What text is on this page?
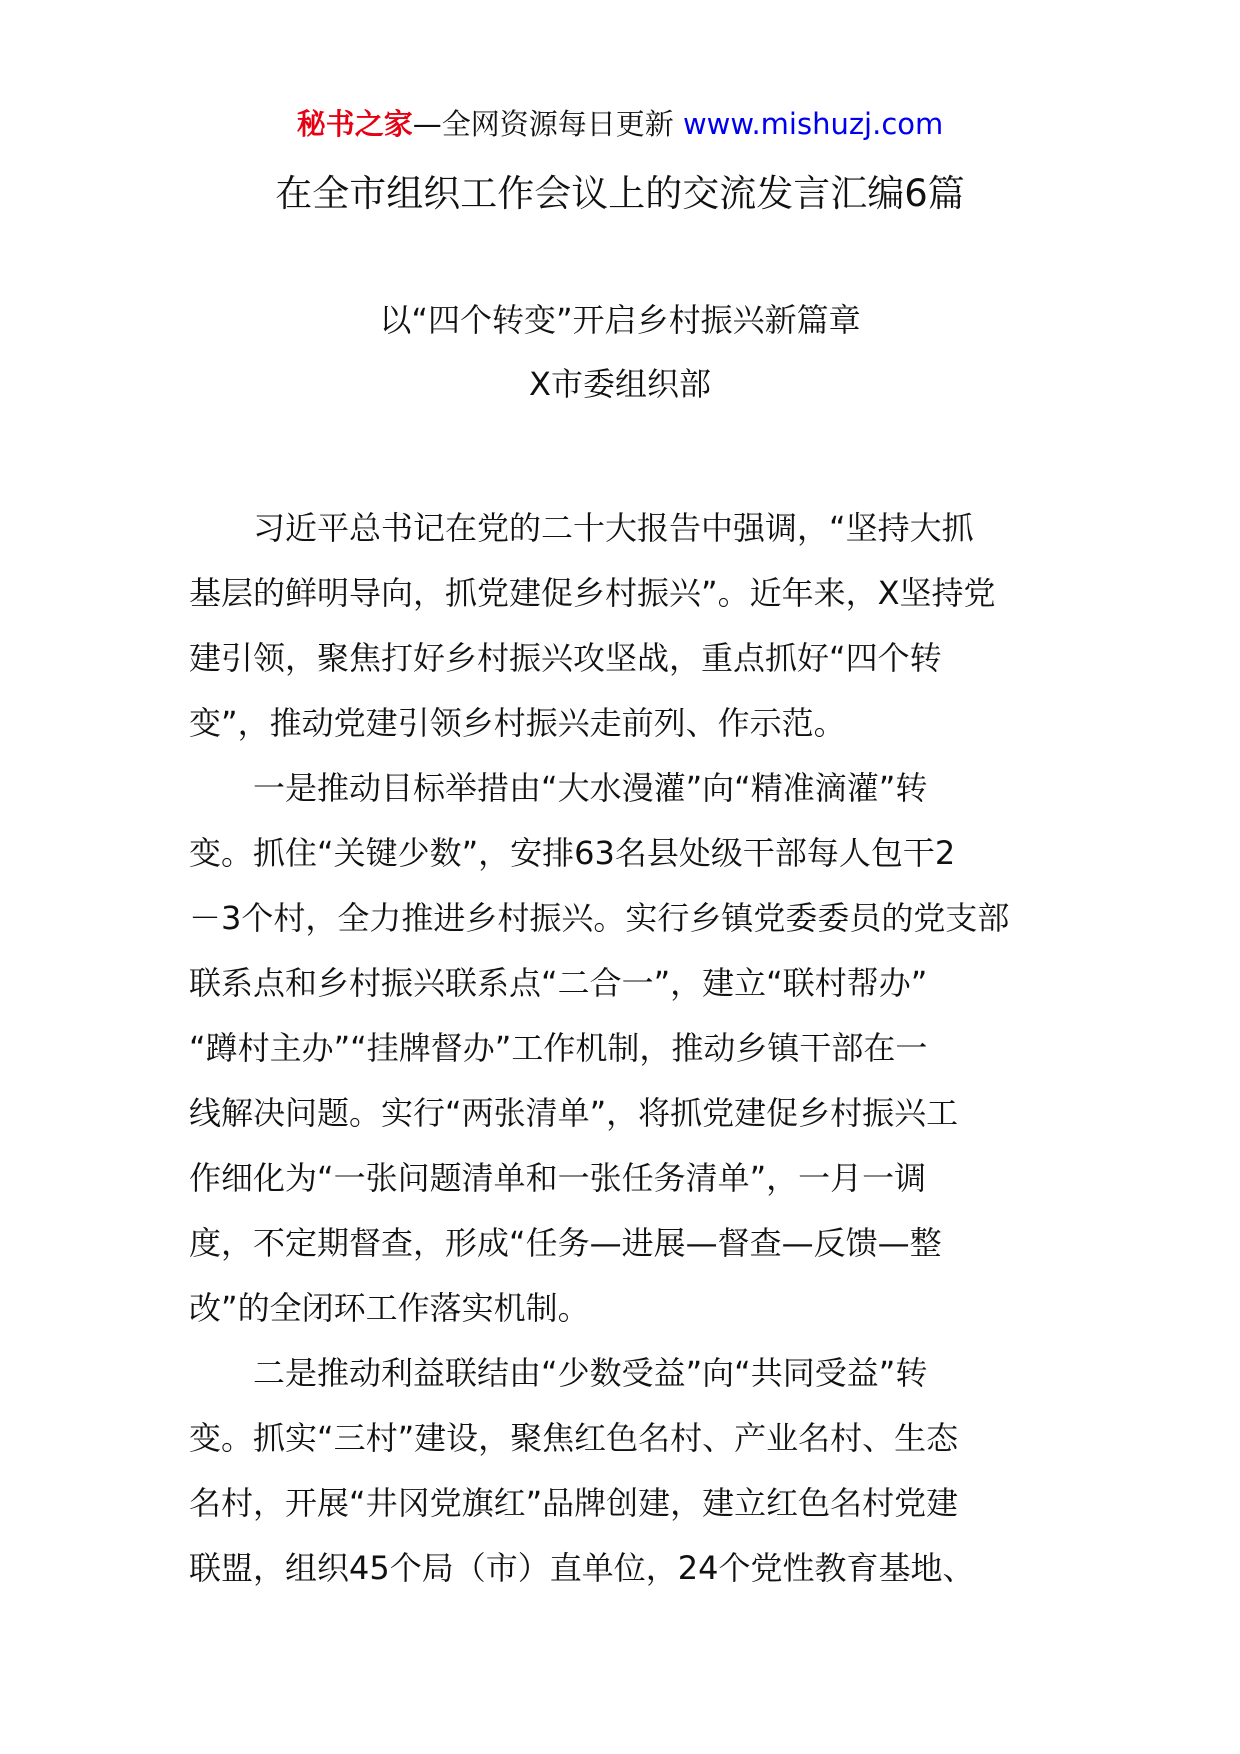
秘书之家—全网资源每日更新 www.mishuzj.com
在全市组织工作会议上的交流发言汇编6篇
以“四个转变”开启乡村振兴新篇章
X市委组织部
　　习近平总书记在党的二十大报告中强调，“坚持大抓
基层的鲜明导向，抓党建促乡村振兴”。近年来，X坚持党
建引领，聚焦打好乡村振兴攻坚战，重点抓好“四个转
变”，推动党建引领乡村振兴走前列、作示范。
　　一是推动目标举措由“大水漫灌”向“精准滴灌”转
变。抓住“关键少数”，安排63名县处级干部每人包干2
－3个村，全力推进乡村振兴。实行乡镇党委委员的党支部
联系点和乡村振兴联系点“二合一”，建立“联村帮办”
“蹲村主办”“挂牌督办”工作机制，推动乡镇干部在一
线解决问题。实行“两张清单”，将抓党建促乡村振兴工
作细化为“一张问题清单和一张任务清单”，一月一调
度，不定期督查，形成“任务—进展—督查—反馈—整
改”的全闭环工作落实机制。
　　二是推动利益联结由“少数受益”向“共同受益”转
变。抓实“三村”建设，聚焦红色名村、产业名村、生态
名村，开展“井冈党旗红”品牌创建，建立红色名村党建
联盟，组织45个局（市）直单位，24个党性教育基地、
